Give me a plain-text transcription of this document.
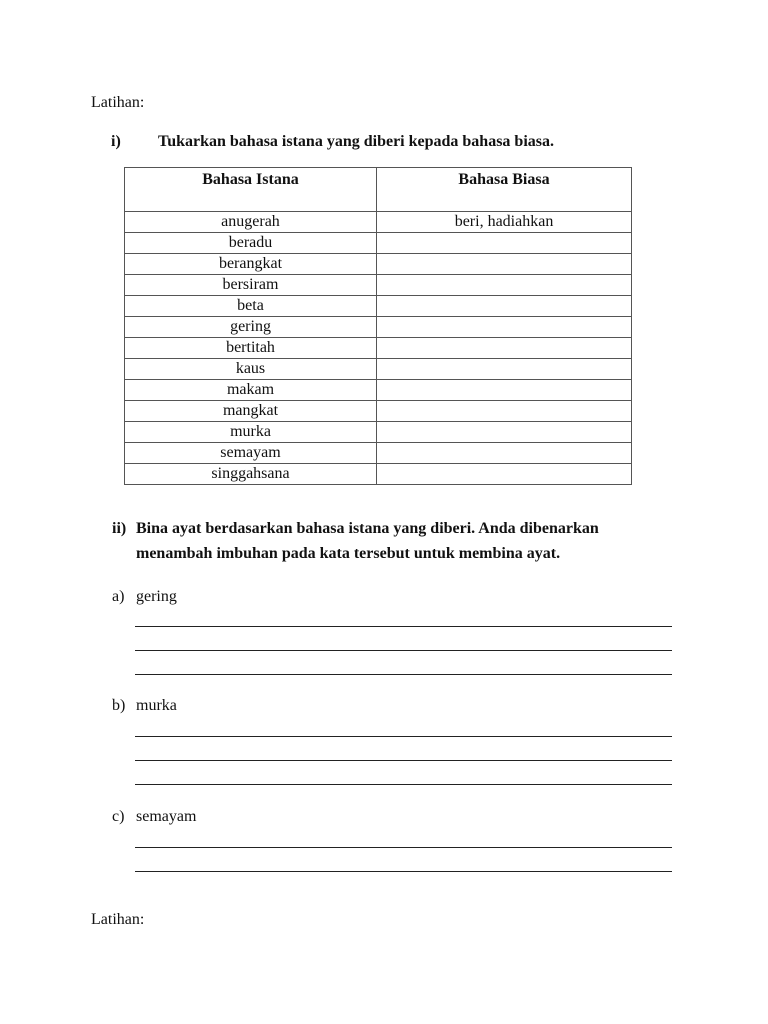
Latihan:
i) Tukarkan bahasa istana yang diberi kepada bahasa biasa.
Bahasa Istana	Bahasa Biasa
anugerah	beri, hadiahkan
beradu	
berangkat	
bersiram	
beta	
gering	
bertitah	
kaus	
makam	
mangkat	
murka	
semayam	
singgahsana	
ii) Bina ayat berdasarkan bahasa istana yang diberi. Anda dibenarkan
menambah imbuhan pada kata tersebut untuk membina ayat.
a) gering
b) murka
c) semayam
Latihan:
